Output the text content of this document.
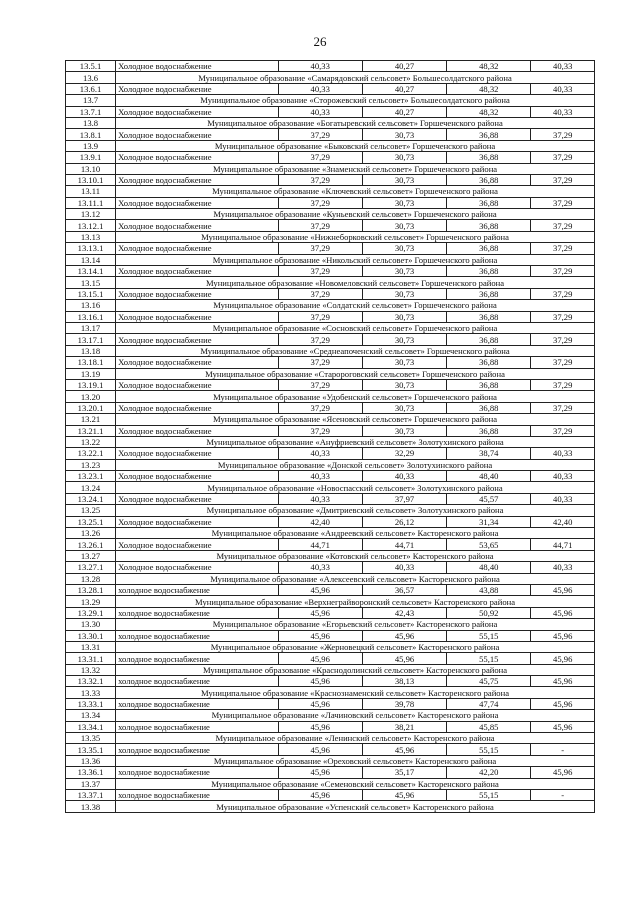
26
13.5.1	Холодное водоснабжение	40,33	40,27	48,32	40,33
13.6	Муниципальное образование «Самарядовский сельсовет» Большесолдатского района				
13.6.1	Холодное водоснабжение	40,33	40,27	48,32	40,33
13.7	Муниципальное образование «Сторожевский сельсовет» Большесолдатского района				
13.7.1	Холодное водоснабжение	40,33	40,27	48,32	40,33
13.8	Муниципальное образование «Богатыревский сельсовет» Горшеченского района				
13.8.1	Холодное водоснабжение	37,29	30,73	36,88	37,29
13.9	Муниципальное образование «Быковский сельсовет» Горшеченского района				
13.9.1	Холодное водоснабжение	37,29	30,73	36,88	37,29
13.10	Муниципальное образование «Знаменский сельсовет» Горшеченского района				
13.10.1	Холодное водоснабжение	37,29	30,73	36,88	37,29
13.11	Муниципальное образование «Ключевский сельсовет» Горшеченского района				
13.11.1	Холодное водоснабжение	37,29	30,73	36,88	37,29
13.12	Муниципальное образование «Куньевский сельсовет» Горшеченского района				
13.12.1	Холодное водоснабжение	37,29	30,73	36,88	37,29
13.13	Муниципальное образование «Нижнеборковский сельсовет» Горшеченского района				
13.13.1	Холодное водоснабжение	37,29	30,73	36,88	37,29
13.14	Муниципальное образование «Никольский сельсовет» Горшеченского района				
13.14.1	Холодное водоснабжение	37,29	30,73	36,88	37,29
13.15	Муниципальное образование «Новомеловский сельсовет» Горшеченского района				
13.15.1	Холодное водоснабжение	37,29	30,73	36,88	37,29
13.16	Муниципальное образование «Солдатский сельсовет» Горшеченского района				
13.16.1	Холодное водоснабжение	37,29	30,73	36,88	37,29
13.17	Муниципальное образование «Сосновский сельсовет» Горшеченского района				
13.17.1	Холодное водоснабжение	37,29	30,73	36,88	37,29
13.18	Муниципальное образование «Среднеапоченский сельсовет» Горшеченского района				
13.18.1	Холодное водоснабжение	37,29	30,73	36,88	37,29
13.19	Муниципальное образование «Старороговский сельсовет» Горшеченского района				
13.19.1	Холодное водоснабжение	37,29	30,73	36,88	37,29
13.20	Муниципальное образование «Удобенский сельсовет» Горшеченского района				
13.20.1	Холодное водоснабжение	37,29	30,73	36,88	37,29
13.21	Муниципальное образование «Ясеновский сельсовет» Горшеченского района				
13.21.1	Холодное водоснабжение	37,29	30,73	36,88	37,29
13.22	Муниципальное образование «Ануфриевский сельсовет» Золотухинского района				
13.22.1	Холодное водоснабжение	40,33	32,29	38,74	40,33
13.23	Муниципальное образование «Донской сельсовет» Золотухинского района				
13.23.1	Холодное водоснабжение	40,33	40,33	48,40	40,33
13.24	Муниципальное образование «Новоспасский сельсовет» Золотухинского района				
13.24.1	Холодное водоснабжение	40,33	37,97	45,57	40,33
13.25	Муниципальное образование «Дмитриевский сельсовет» Золотухинского района				
13.25.1	Холодное водоснабжение	42,40	26,12	31,34	42,40
13.26	Муниципальное образование «Андреевский сельсовет» Касторенского района				
13.26.1	Холодное водоснабжение	44,71	44,71	53,65	44,71
13.27	Муниципальное образование «Котовский сельсовет» Касторенского района				
13.27.1	Холодное водоснабжение	40,33	40,33	48,40	40,33
13.28	Муниципальное образование «Алексеевский сельсовет» Касторенского района				
13.28.1	холодное водоснабжение	45,96	36,57	43,88	45,96
13.29	Муниципальное образование «Верхнеграйворонский сельсовет» Касторенского района				
13.29.1	холодное водоснабжение	45,96	42,43	50,92	45,96
13.30	Муниципальное образование «Егорьевский сельсовет» Касторенского района				
13.30.1	холодное водоснабжение	45,96	45,96	55,15	45,96
13.31	Муниципальное образование «Жерновецкий сельсовет» Касторенского района				
13.31.1	холодное водоснабжение	45,96	45,96	55,15	45,96
13.32	Муниципальное образование «Краснодолинский сельсовет» Касторенского района				
13.32.1	холодное водоснабжение	45,96	38,13	45,75	45,96
13.33	Муниципальное образование «Краснознаменский сельсовет» Касторенского района				
13.33.1	холодное водоснабжение	45,96	39,78	47,74	45,96
13.34	Муниципальное образование «Лачиновский сельсовет» Касторенского района				
13.34.1	холодное водоснабжение	45,96	38,21	45,85	45,96
13.35	Муниципальное образование «Ленинский сельсовет» Касторенского района				
13.35.1	холодное водоснабжение	45,96	45,96	55,15	-
13.36	Муниципальное образование «Ореховский сельсовет» Касторенского района				
13.36.1	холодное водоснабжение	45,96	35,17	42,20	45,96
13.37	Муниципальное образование «Семеновский сельсовет» Касторенского района				
13.37.1	холодное водоснабжение	45,96	45,96	55,15	-
13.38	Муниципальное образование «Успенский сельсовет» Касторенского района				
